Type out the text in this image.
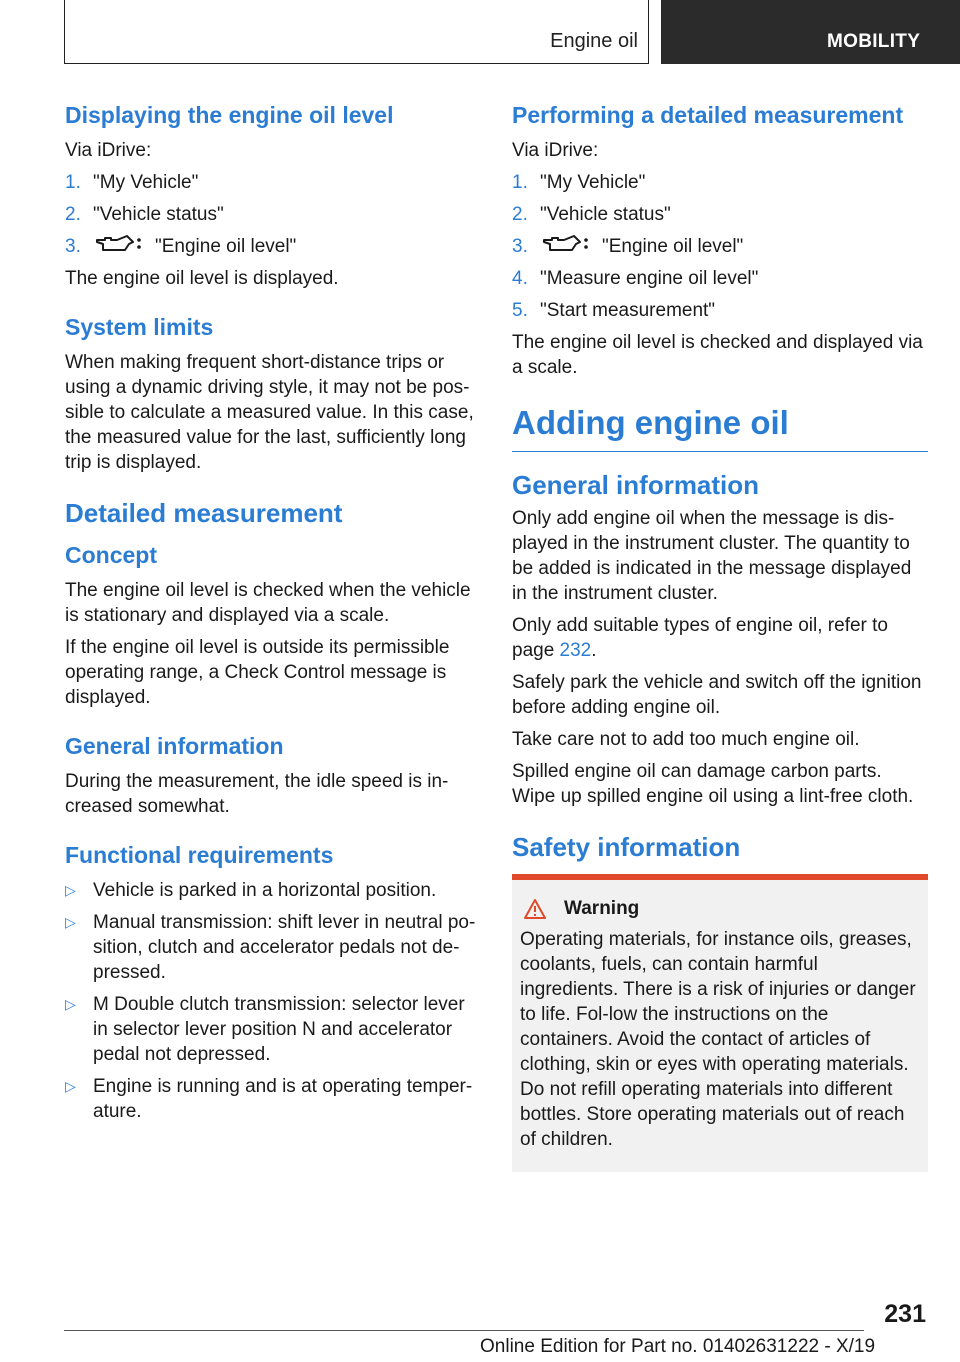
Engine oil	MOBILITY
Displaying the engine oil level

Via iDrive:

1. "My Vehicle"
2. "Vehicle status"
3.	"Engine oil level"

The engine oil level is displayed.

System limits

When making frequent short-distance trips or using a dynamic driving style, it may not be pos-sible to calculate a measured value. In this case, the measured value for the last, sufficiently long trip is displayed.

Detailed measurement
Concept

The engine oil level is checked when the vehicle is stationary and displayed via a scale.

If the engine oil level is outside its permissible operating range, a Check Control message is displayed.

General information

During the measurement, the idle speed is in-creased somewhat.

Functional requirements
▷ Vehicle is parked in a horizontal position.
▷ Manual transmission: shift lever in neutral po-sition, clutch and accelerator pedals not de-pressed.
▷ M Double clutch transmission: selector lever in selector lever position N and accelerator pedal not depressed.
▷ Engine is running and is at operating temper-ature.
Performing a detailed measurement

Via iDrive:

1. "My Vehicle"
2. "Vehicle status"
3.	"Engine oil level"
4. "Measure engine oil level"
5. "Start measurement"

The engine oil level is checked and displayed via a scale.

Adding engine oil
General information

Only add engine oil when the message is dis-played in the instrument cluster. The quantity to be added is indicated in the message displayed in the instrument cluster.

Only add suitable types of engine oil, refer to page 232.

Safely park the vehicle and switch off the ignition before adding engine oil.

Take care not to add too much engine oil.

Spilled engine oil can damage carbon parts. Wipe up spilled engine oil using a lint-free cloth.

Safety information
Warning

Operating materials, for instance oils, greases, coolants, fuels, can contain harmful ingredients. There is a risk of injuries or danger to life. Fol-low the instructions on the containers. Avoid the contact of articles of clothing, skin or eyes with operating materials. Do not refill operating materials into different bottles. Store operating materials out of reach of children.

231
Online Edition for Part no. 01402631222 - X/19
